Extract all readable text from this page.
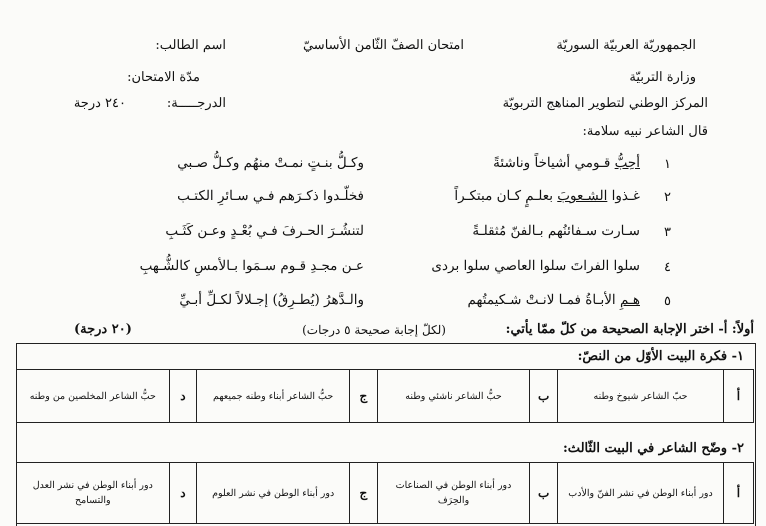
الجمهوريّة العربيّة السوريّة
وزارة التربيّة
المركز الوطني لتطوير المناهج التربويّة
امتحان الصفّ الثّامن الأساسيّ
اسم الطالب:
مدّة الامتحان:
الدرجـــــة:
٢٤٠ درجة
قال الشاعر نبيه سلامة:
١
أحِبُّ قـومي أشياخاً وناشئةً
وكـلُّ بنـتٍ نمـتْ منهُم وكـلُّ صـبي
٢
غـذوا الشـعوبَ بعلـمٍ كـان مبتكـراً
فخلّـدوا ذكـرَهم فـي سـائرِ الكتـب
٣
سـارت سـفائنُهم بـالفنّ مُثقلـةً
لتنشُـرَ الحـرفَ فـي بُعْـدٍ وعـن كَثَـبِ
٤
سلوا الفراتَ سلوا العاصي سلوا بردى
عـن مجـدِ قـوم سـمَوا بـالأمسِ كالشُّـهبِ
٥
هـمِ الأبـاةُ فمـا لانـتْ شـكيمتُهم
والـدَّهرُ (يُطـرِقُ) إجـلالاً لكـلِّ أبـيِّ
أولاً: أ- اختر الإجابة الصحيحة من كلّ ممّا يأتي:
(لكلّ إجابة صحيحة ٥ درجات)
(٢٠ درجة)
١- فكرة البيت الأوّل من النصّ:
أ	حبّ الشاعر شيوخ وطنه	ب	حبُّ الشاعر ناشئي وطنه	ج	حبُّ الشاعر أبناء وطنه جميعهم	د	حبُّ الشاعر المخلصين من وطنه
٢- وضّح الشاعر في البيت الثّالث:
أ	دور أبناء الوطن في نشر الفنّ والأدب	ب	دور أبناء الوطن في الصناعات والحِرَف	ج	دور أبناء الوطن في نشر العلوم	د	دور أبناء الوطن في نشر العدل والتسامح
